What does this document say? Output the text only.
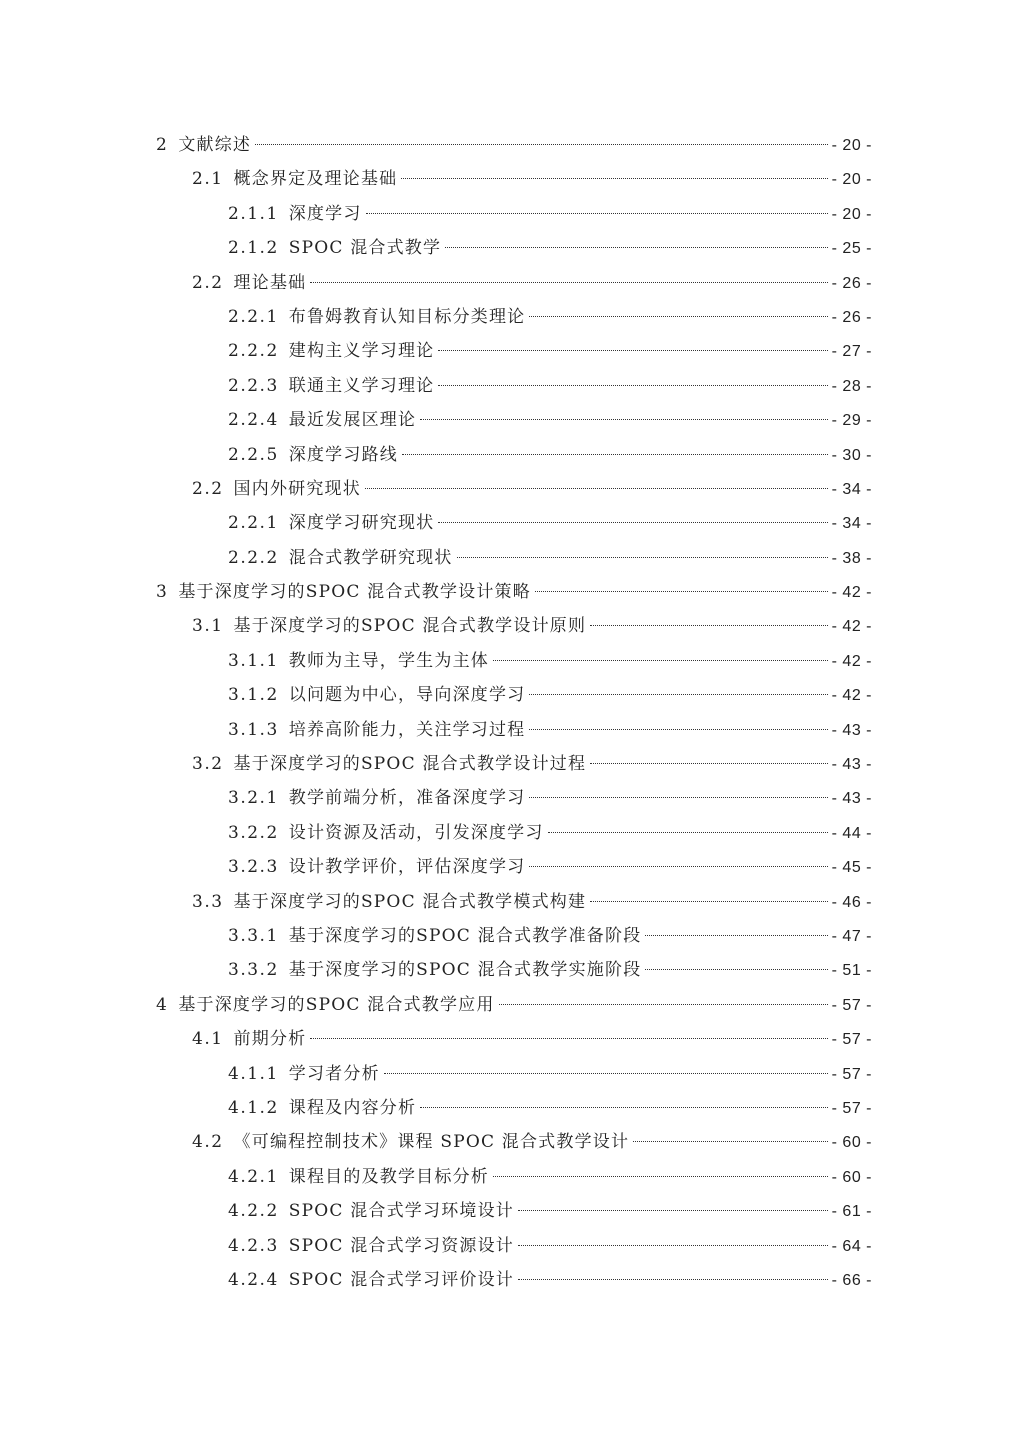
2 文献综述	- 20 -
2.1 概念界定及理论基础	- 20 -
2.1.1 深度学习	- 20 -
2.1.2 SPOC 混合式教学	- 25 -
2.2 理论基础	- 26 -
2.2.1 布鲁姆教育认知目标分类理论	- 26 -
2.2.2 建构主义学习理论	- 27 -
2.2.3 联通主义学习理论	- 28 -
2.2.4 最近发展区理论	- 29 -
2.2.5 深度学习路线	- 30 -
2.2 国内外研究现状	- 34 -
2.2.1 深度学习研究现状	- 34 -
2.2.2 混合式教学研究现状	- 38 -
3 基于深度学习的SPOC 混合式教学设计策略	- 42 -
3.1 基于深度学习的SPOC 混合式教学设计原则	- 42 -
3.1.1 教师为主导，学生为主体	- 42 -
3.1.2 以问题为中心，导向深度学习	- 42 -
3.1.3 培养高阶能力，关注学习过程	- 43 -
3.2 基于深度学习的SPOC 混合式教学设计过程	- 43 -
3.2.1 教学前端分析，准备深度学习	- 43 -
3.2.2 设计资源及活动，引发深度学习	- 44 -
3.2.3 设计教学评价，评估深度学习	- 45 -
3.3 基于深度学习的SPOC 混合式教学模式构建	- 46 -
3.3.1 基于深度学习的SPOC 混合式教学准备阶段	- 47 -
3.3.2 基于深度学习的SPOC 混合式教学实施阶段	- 51 -
4 基于深度学习的SPOC 混合式教学应用	- 57 -
4.1 前期分析	- 57 -
4.1.1 学习者分析	- 57 -
4.1.2 课程及内容分析	- 57 -
4.2 《可编程控制技术》课程 SPOC 混合式教学设计	- 60 -
4.2.1 课程目的及教学目标分析	- 60 -
4.2.2 SPOC 混合式学习环境设计	- 61 -
4.2.3 SPOC 混合式学习资源设计	- 64 -
4.2.4 SPOC 混合式学习评价设计	- 66 -
